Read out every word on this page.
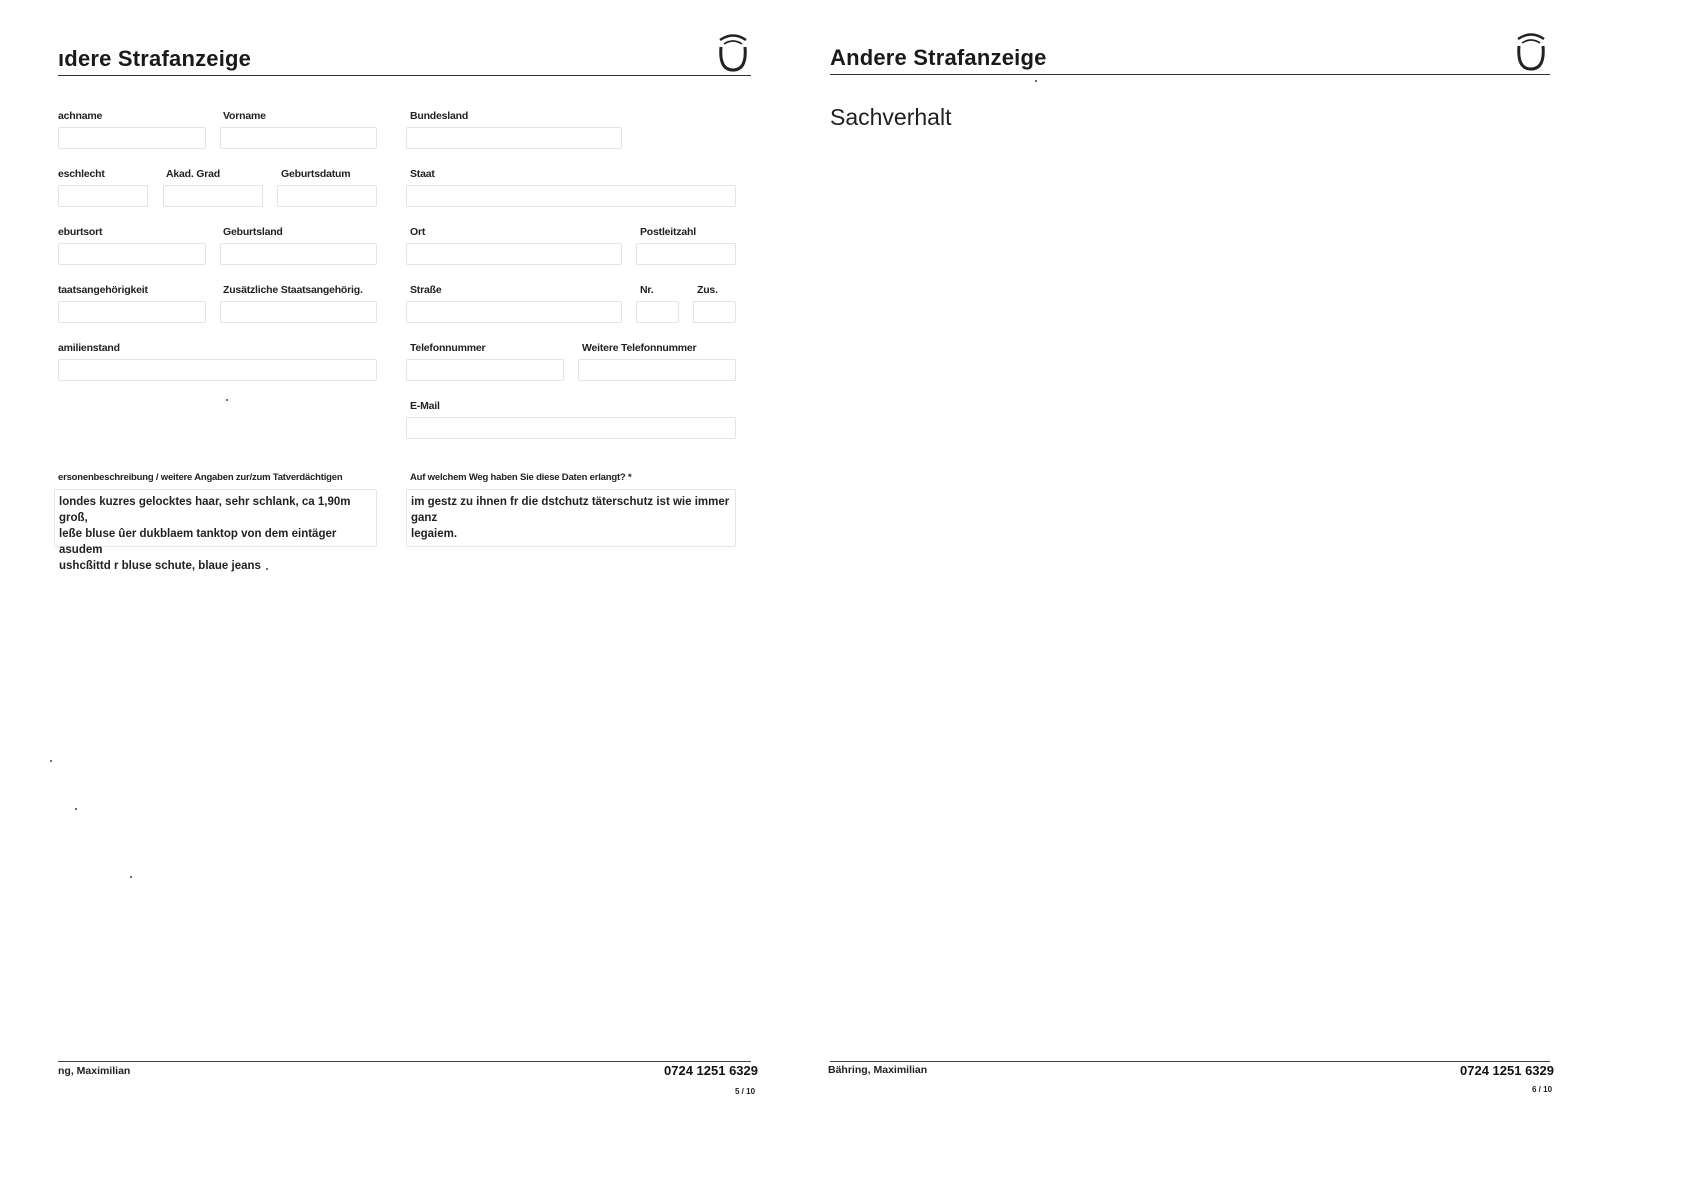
ıdere Strafanzeige
achname	Vorname
eschlecht	Akad. Grad	Geburtsdatum
eburtsort	Geburtsland
taatsangehörigkeit	Zusätzliche Staatsangehörig.
amilienstand
Bundesland
Staat
Ort	Postleitzahl
Straße	Nr.	Zus.
Telefonnummer	Weitere Telefonnummer
E-Mail
ersonenbeschreibung / weitere Angaben zur/zum Tatverdächtigen
londes kuzres gelocktes haar, sehr schlank, ca 1,90m groß,
leße bluse ûer dukblaem tanktop von dem eintäger asudem
ushcßittd r bluse schute, blaue jeans
Auf welchem Weg haben Sie diese Daten erlangt? *
im gestz zu ihnen fr die dstchutz täterschutz ist wie immer ganz
legaiem.
ng, Maximilian	0724 1251 6329
5 / 10
Andere Strafanzeige
Sachverhalt
Bähring, Maximilian	0724 1251 6329
6 / 10
